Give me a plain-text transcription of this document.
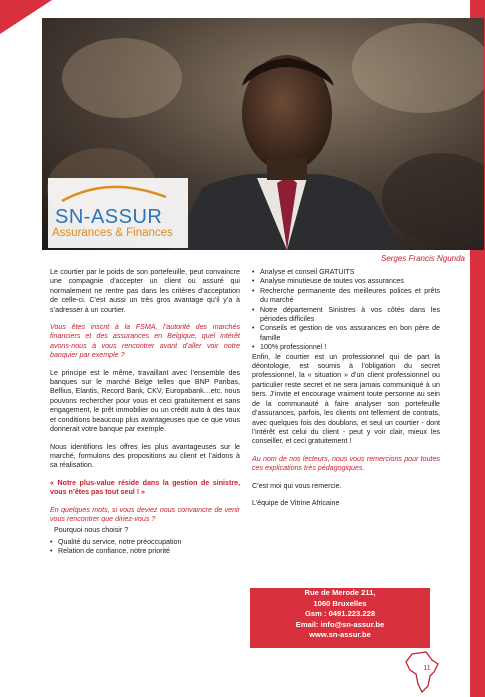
SN-ASSUR
Assurances & Finances
Serges Francis Ngunda

Le courtier par le poids de son portefeuille, peut convaincre une compagnie d’accepter un client ou assuré qui normalement ne rentre pas dans les critères d’acceptation de celle-ci. C’est aussi un très gros avantage qu’il y’a à s’adresser à un courtier.

Vous êtes inscrit à la FSMA, l’autorité des marchés financiers et des assurances en Belgique, quel intérêt avons-nous à vous rencontrer avant d’aller voir notre banquier par exemple ?

Le principe est le même, travaillant avec l’ensemble des banques sur le marché Belge telles que BNP Paribas, Belfius, Elantis, Record Bank, CKV, Europabank…etc. nous pouvons rechercher pour vous et ceci gratuitement et sans engagement, le prêt immobilier ou un crédit auto à des taux et conditions beaucoup plus avantageuses que ce que vous donnerait votre banque par exemple.

Nous identifions les offres les plus avantageuses sur le marché, formulons des propositions au client et l’aidons à sa réalisation.

« Notre plus-value réside dans la gestion de sinistre, vous n’êtes pas tout seul ! »

En quelques mots, si vous deviez nous convaincre de venir vous rencontrer que diriez-vous ?

Pourquoi nous choisir ?

• Qualité du service, notre préoccupation
• Relation de confiance, notre priorité
• Analyse et conseil GRATUITS
• Analyse minutieuse de toutes vos assurances
• Recherche permanente des meilleures polices et prêts du marché
• Notre département Sinistres à vos côtés dans les périodes difficiles
• Conseils et gestion de vos assurances en bon père de famille
• 100% professionnel !

Enfin, le courtier est un professionnel qui de part la déontologie, est soumis à l’obligation du secret professionnel, la « situation » d’un client professionnel ou particulier reste secret et ne sera jamais communiqué à un tiers. J’invite et encourage vraiment toute personne au sein de la communauté à faire analyser son portefeuille d’assurances, parfois, les clients ont tellement de contrats, avec quelques fois des doublons, et seul un courtier - dont l’intérêt est celui du client - peut y voir clair, mieux les conseiller, et ceci gratuitement !

Au nom de nos lecteurs, nous vous remercions pour toutes ces explications très pédagogiques.

C’est moi qui vous remercie.

L’équipe de Vitrine Africaine

Rue de Merode 211,
1060 Bruxelles
Gsm : 0491.223.228
Email: info@sn-assur.be
www.sn-assur.be
11
